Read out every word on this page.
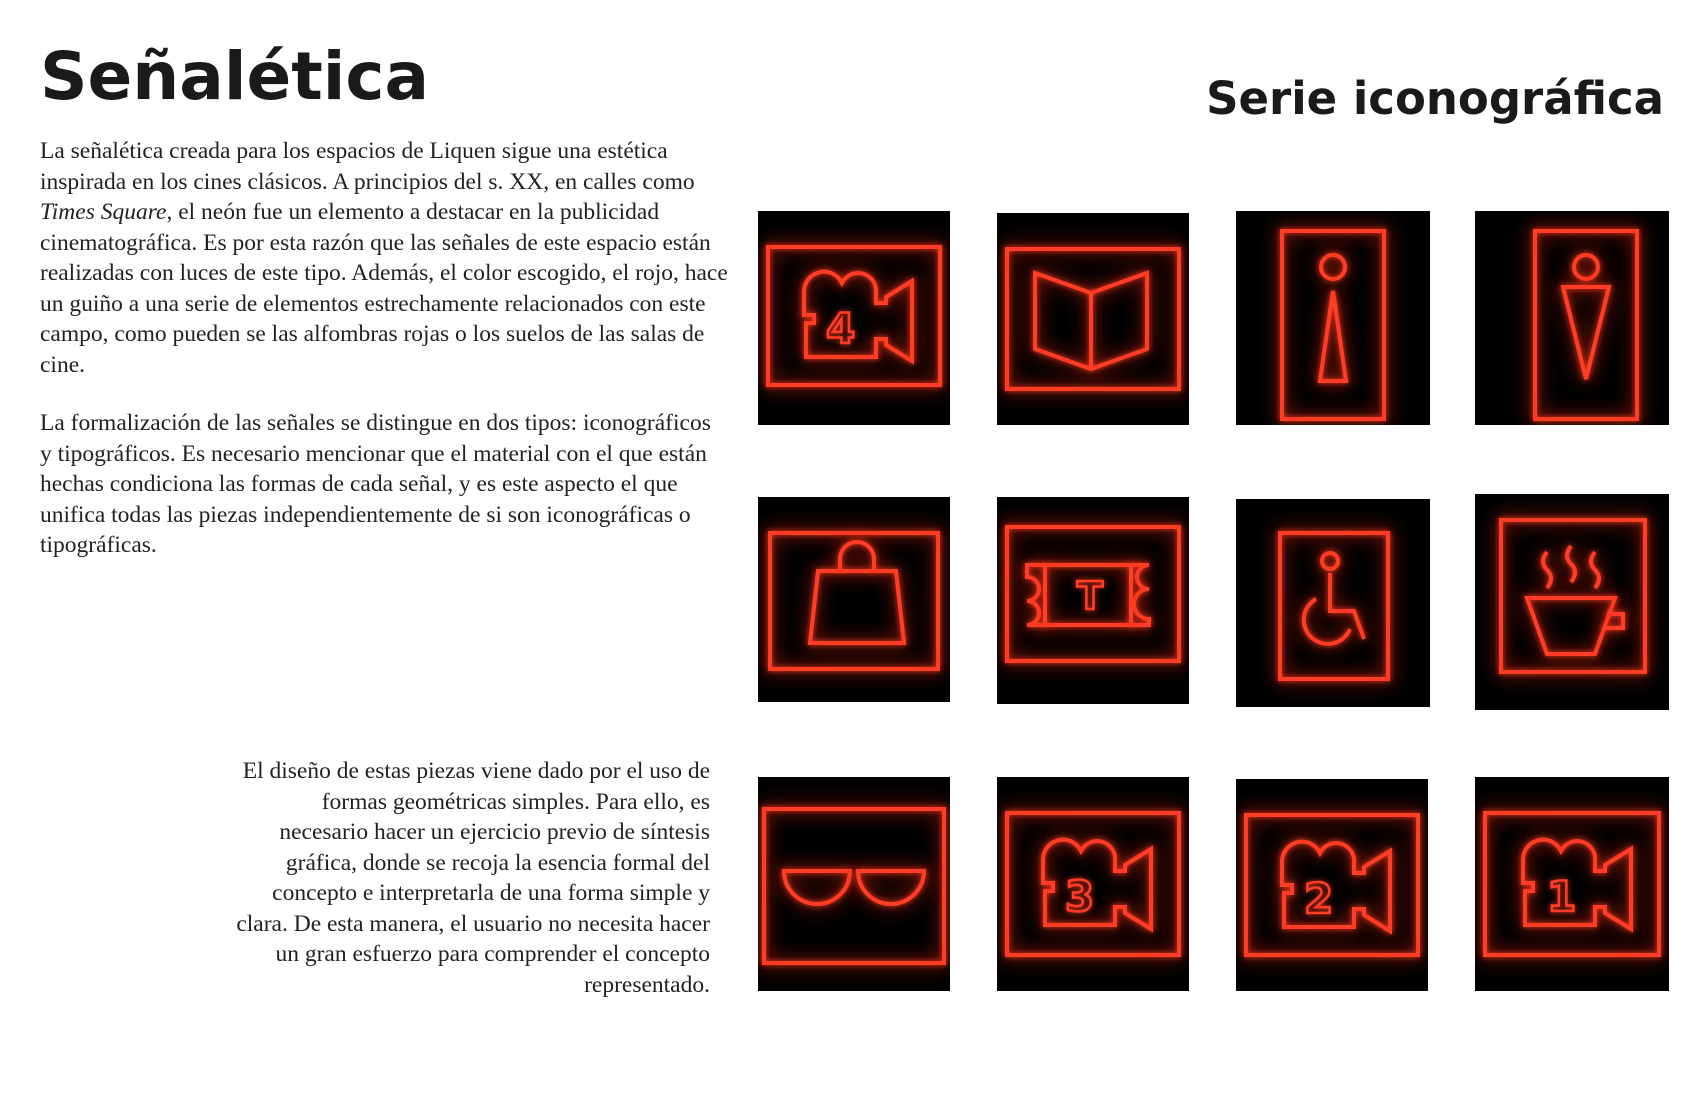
Señalética	Serie iconográfica

La señalética creada para los espacios de Liquen sigue una estética inspirada en los cines clásicos. A principios del s. XX, en calles como Times Square, el neón fue un elemento a destacar en la publicidad cinematográfica. Es por esta razón que las señales de este espacio están realizadas con luces de este tipo. Además, el color escogido, el rojo, hace un guiño a una serie de elementos estrechamente relacionados con este campo, como pueden se las alfombras rojas o los suelos de las salas de cine.

La formalización de las señales se distingue en dos tipos: iconográficos y tipográficos. Es necesario mencionar que el material con el que están hechas condiciona las formas de cada señal, y es este aspecto el que unifica todas las piezas independientemente de si son iconográficas o tipográficas.

El diseño de estas piezas viene dado por el uso de formas geométricas simples. Para ello, es necesario hacer un ejercicio previo de síntesis gráfica, donde se recoja la esencia formal del concepto e interpretarla de una forma simple y clara. De esta manera, el usuario no necesita hacer un gran esfuerzo para comprender el concepto representado.

4
T
3	2	1
